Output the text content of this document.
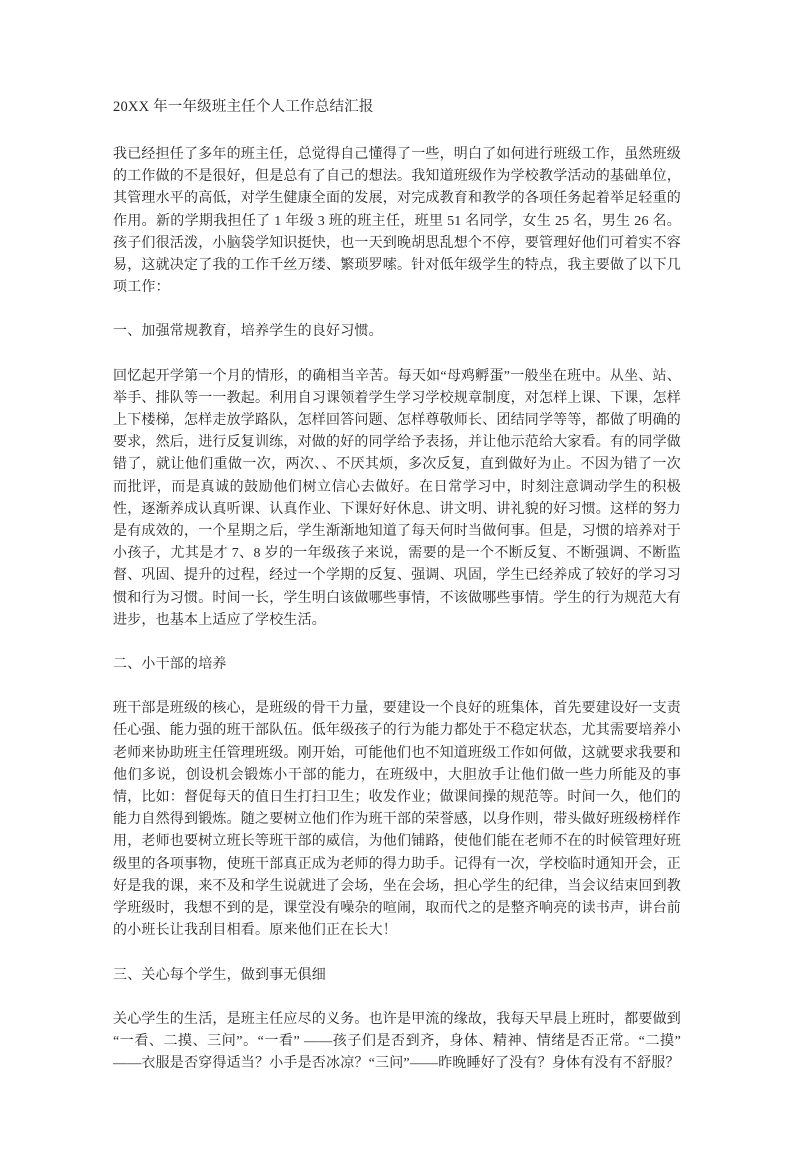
20XX 年一年级班主任个人工作总结汇报

我已经担任了多年的班主任，总觉得自己懂得了一些，明白了如何进行班级工作，虽然班级的工作做的不是很好，但是总有了自己的想法。我知道班级作为学校教学活动的基础单位，其管理水平的高低，对学生健康全面的发展，对完成教育和教学的各项任务起着举足轻重的作用。新的学期我担任了 1 年级 3 班的班主任，班里 51 名同学，女生 25 名，男生 26 名。孩子们很活泼，小脑袋学知识挺快，也一天到晚胡思乱想个不停，要管理好他们可着实不容易，这就决定了我的工作千丝万缕、繁琐罗嗦。针对低年级学生的特点，我主要做了以下几项工作：

一、加强常规教育，培养学生的良好习惯。

回忆起开学第一个月的情形，的确相当辛苦。每天如“母鸡孵蛋”一般坐在班中。从坐、站、举手、排队等一一教起。利用自习课领着学生学习学校规章制度，对怎样上课、下课，怎样上下楼梯，怎样走放学路队，怎样回答问题、怎样尊敬师长、团结同学等等，都做了明确的要求，然后，进行反复训练，对做的好的同学给予表扬，并让他示范给大家看。有的同学做错了，就让他们重做一次，两次、、不厌其烦，多次反复，直到做好为止。不因为错了一次而批评，而是真诚的鼓励他们树立信心去做好。在日常学习中，时刻注意调动学生的积极性，逐渐养成认真听课、认真作业、下课好好休息、讲文明、讲礼貌的好习惯。这样的努力是有成效的，一个星期之后，学生渐渐地知道了每天何时当做何事。但是，习惯的培养对于小孩子，尤其是才 7、8 岁的一年级孩子来说，需要的是一个不断反复、不断强调、不断监督、巩固、提升的过程，经过一个学期的反复、强调、巩固，学生已经养成了较好的学习习惯和行为习惯。时间一长，学生明白该做哪些事情，不该做哪些事情。学生的行为规范大有进步，也基本上适应了学校生活。

二、小干部的培养

班干部是班级的核心，是班级的骨干力量，要建设一个良好的班集体，首先要建设好一支责任心强、能力强的班干部队伍。低年级孩子的行为能力都处于不稳定状态，尤其需要培养小老师来协助班主任管理班级。刚开始，可能他们也不知道班级工作如何做，这就要求我要和他们多说，创设机会锻炼小干部的能力，在班级中，大胆放手让他们做一些力所能及的事情，比如：督促每天的值日生打扫卫生；收发作业；做课间操的规范等。时间一久，他们的能力自然得到锻炼。随之要树立他们作为班干部的荣誉感，以身作则，带头做好班级榜样作用，老师也要树立班长等班干部的威信，为他们铺路，使他们能在老师不在的时候管理好班级里的各项事物，使班干部真正成为老师的得力助手。记得有一次，学校临时通知开会，正好是我的课，来不及和学生说就进了会场，坐在会场，担心学生的纪律，当会议结束回到教学班级时，我想不到的是，课堂没有噪杂的喧闹，取而代之的是整齐响亮的读书声，讲台前的小班长让我刮目相看。原来他们正在长大！

三、关心每个学生，做到事无俱细

关心学生的生活，是班主任应尽的义务。也许是甲流的缘故，我每天早晨上班时，都要做到“一看、二摸、三问”。“一看” ——孩子们是否到齐，身体、精神、情绪是否正常。“二摸”——衣服是否穿得适当？小手是否冰凉？“三问”——昨晚睡好了没有？身体有没有不舒服？
